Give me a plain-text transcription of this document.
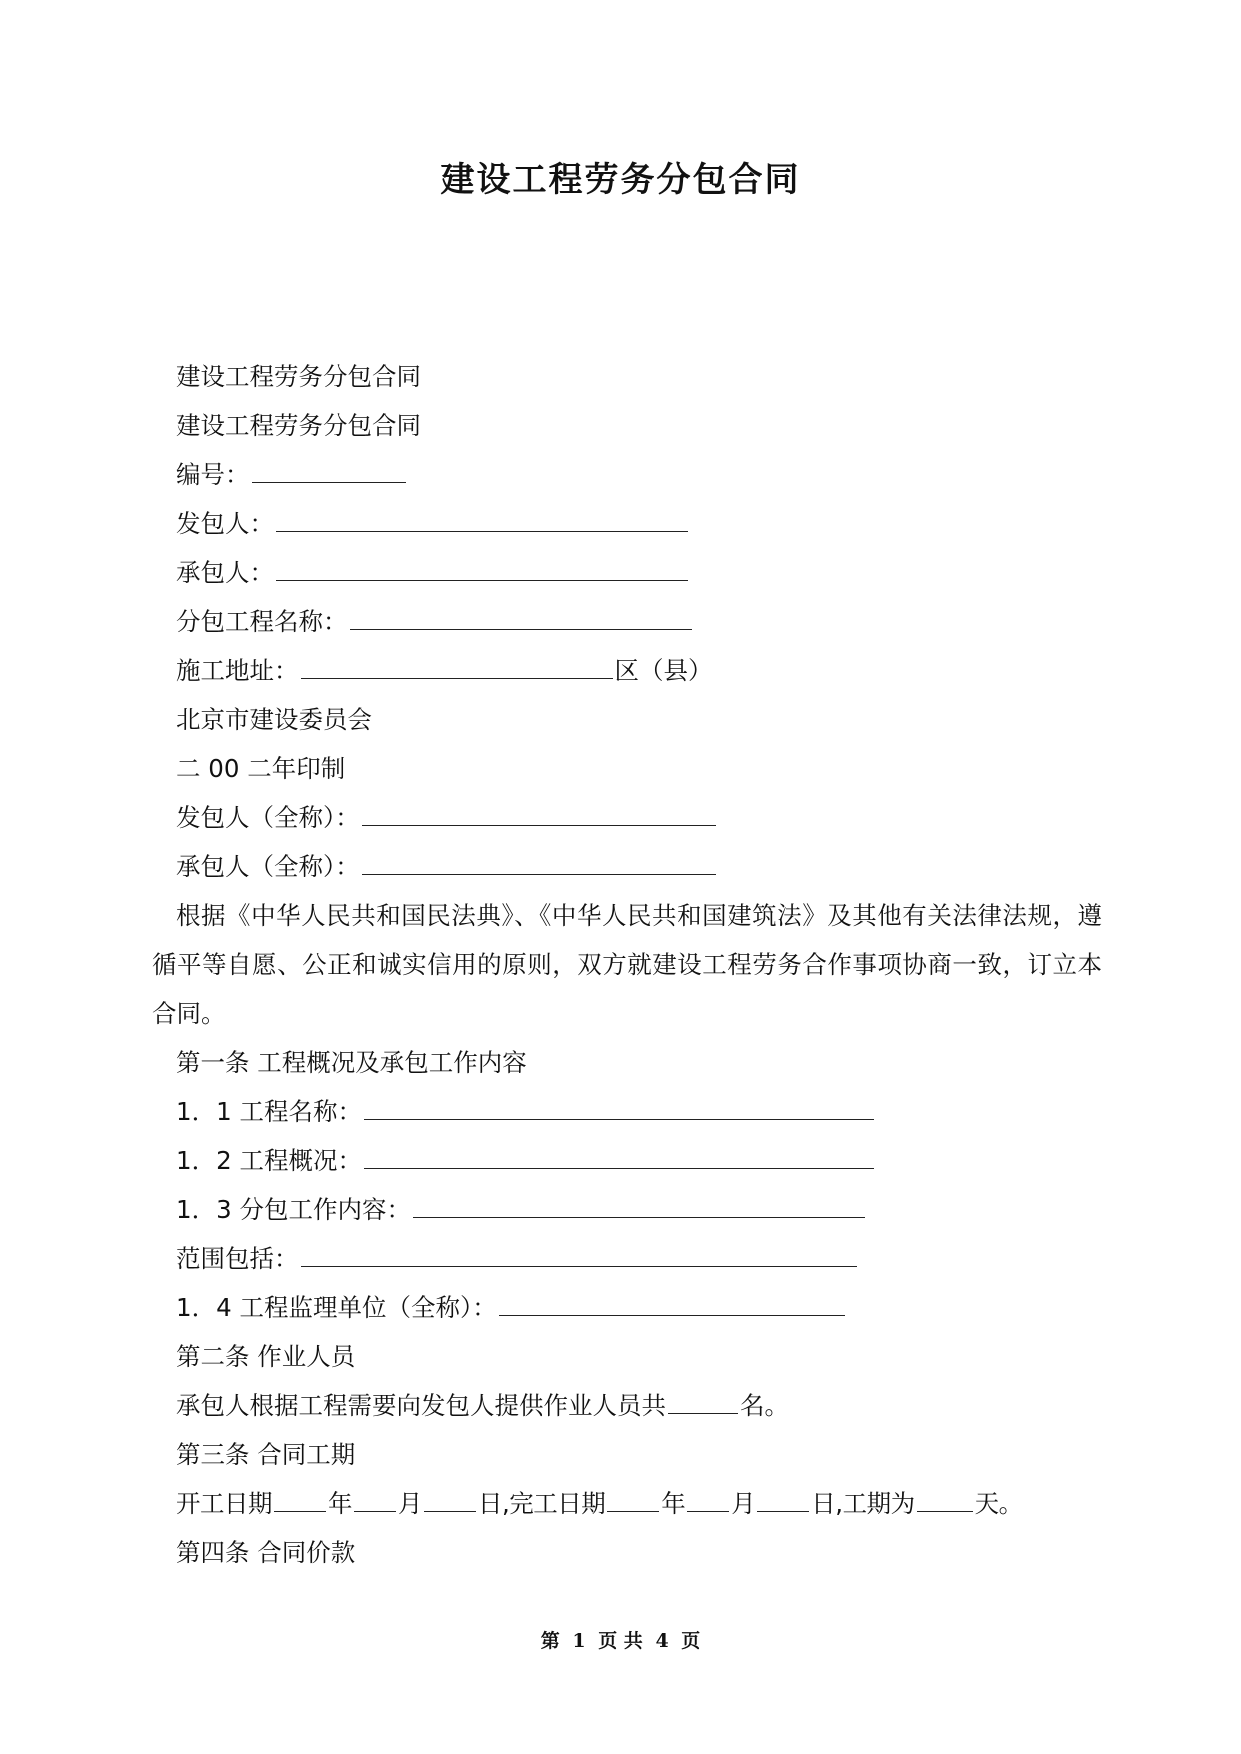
建设工程劳务分包合同
建设工程劳务分包合同
建设工程劳务分包合同
编号：
发包人：
承包人：
分包工程名称：
施工地址：	区（县）
北京市建设委员会
二 00 二年印制
发包人（全称）：
承包人（全称）：
根据《中华人民共和国民法典》、《中华人民共和国建筑法》及其他有关法律法规，遵循平等自愿、公正和诚实信用的原则，双方就建设工程劳务合作事项协商一致，订立本合同。
第一条 工程概况及承包工作内容
1．1 工程名称：
1．2 工程概况：
1．3 分包工作内容：
范围包括：
1．4 工程监理单位（全称）：
第二条 作业人员
承包人根据工程需要向发包人提供作业人员共	名。
第三条 合同工期
开工日期 年 月 日,完工日期 年 月 日,工期为 天。
第四条 合同价款
第 1 页 共 4 页
